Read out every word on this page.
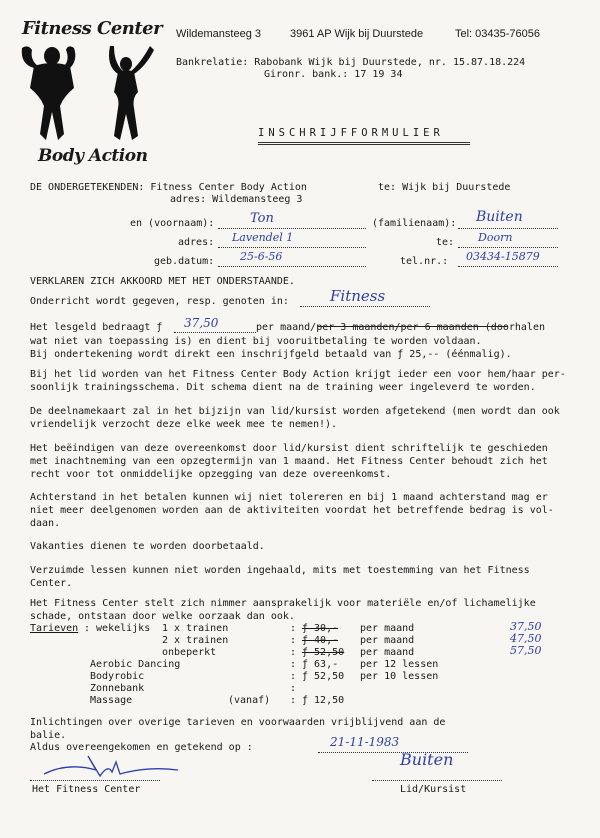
Fitness Center
Body Action
Wildemansteeg 3	3961 AP Wijk bij Duurstede	Tel: 03435-76056
Bankrelatie: Rabobank Wijk bij Duurstede, nr. 15.87.18.224
Gironr. bank.: 17 19 34
INSCHRIJFFORMULIER
DE ONDERGETEKENDEN: Fitness Center Body Action	te: Wijk bij Duurstede
adres: Wildemansteeg 3
en (voornaam):	Ton	(familienaam): Buiten
adres: Lavendel 1	te: Doorn
geb.datum: 25-6-56	tel.nr.: 03434-15879
VERKLAREN ZICH AKKOORD MET HET ONDERSTAANDE.
Onderricht wordt gegeven, resp. genoten in:	Fitness
Het lesgeld bedraagt ƒ 37,50	per maand/per 3 maanden/per 6 maanden (doorhalen
wat niet van toepassing is) en dient bij vooruitbetaling te worden voldaan.
Bij ondertekening wordt direkt een inschrijfgeld betaald van ƒ 25,-- (éénmalig).
Bij het lid worden van het Fitness Center Body Action krijgt ieder een voor hem/haar per-
soonlijk trainingsschema. Dit schema dient na de training weer ingeleverd te worden.
De deelnamekaart zal in het bijzijn van lid/kursist worden afgetekend (men wordt dan ook
vriendelijk verzocht deze elke week mee te nemen!).
Het beëindigen van deze overeenkomst door lid/kursist dient schriftelijk te geschieden
met inachtneming van een opzegtermijn van 1 maand. Het Fitness Center behoudt zich het
recht voor tot onmiddelijke opzegging van deze overeenkomst.
Achterstand in het betalen kunnen wij niet tolereren en bij 1 maand achterstand mag er
niet meer deelgenomen worden aan de aktiviteiten voordat het betreffende bedrag is vol-
daan.
Vakanties dienen te worden doorbetaald.
Verzuimde lessen kunnen niet worden ingehaald, mits met toestemming van het Fitness
Center.
Het Fitness Center stelt zich nimmer aansprakelijk voor materiële en/of lichamelijke
schade, ontstaan door welke oorzaak dan ook.
Tarieven : wekelijks 1 x trainen	: ƒ 30,- per maand	37,50
2 x trainen	: ƒ 40,- per maand	47,50
onbeperkt	: ƒ 52,50 per maand	57,50
Aerobic Dancing	: ƒ 63,- per 12 lessen
Bodyrobic	: ƒ 52,50 per 10 lessen
Zonnebank	:
Massage	(vanaf) : ƒ 12,50
Inlichtingen over overige tarieven en voorwaarden vrijblijvend aan de
balie.
Aldus overeengekomen en getekend op :	21-11-1983
Het Fitness Center
Buiten
Lid/Kursist
